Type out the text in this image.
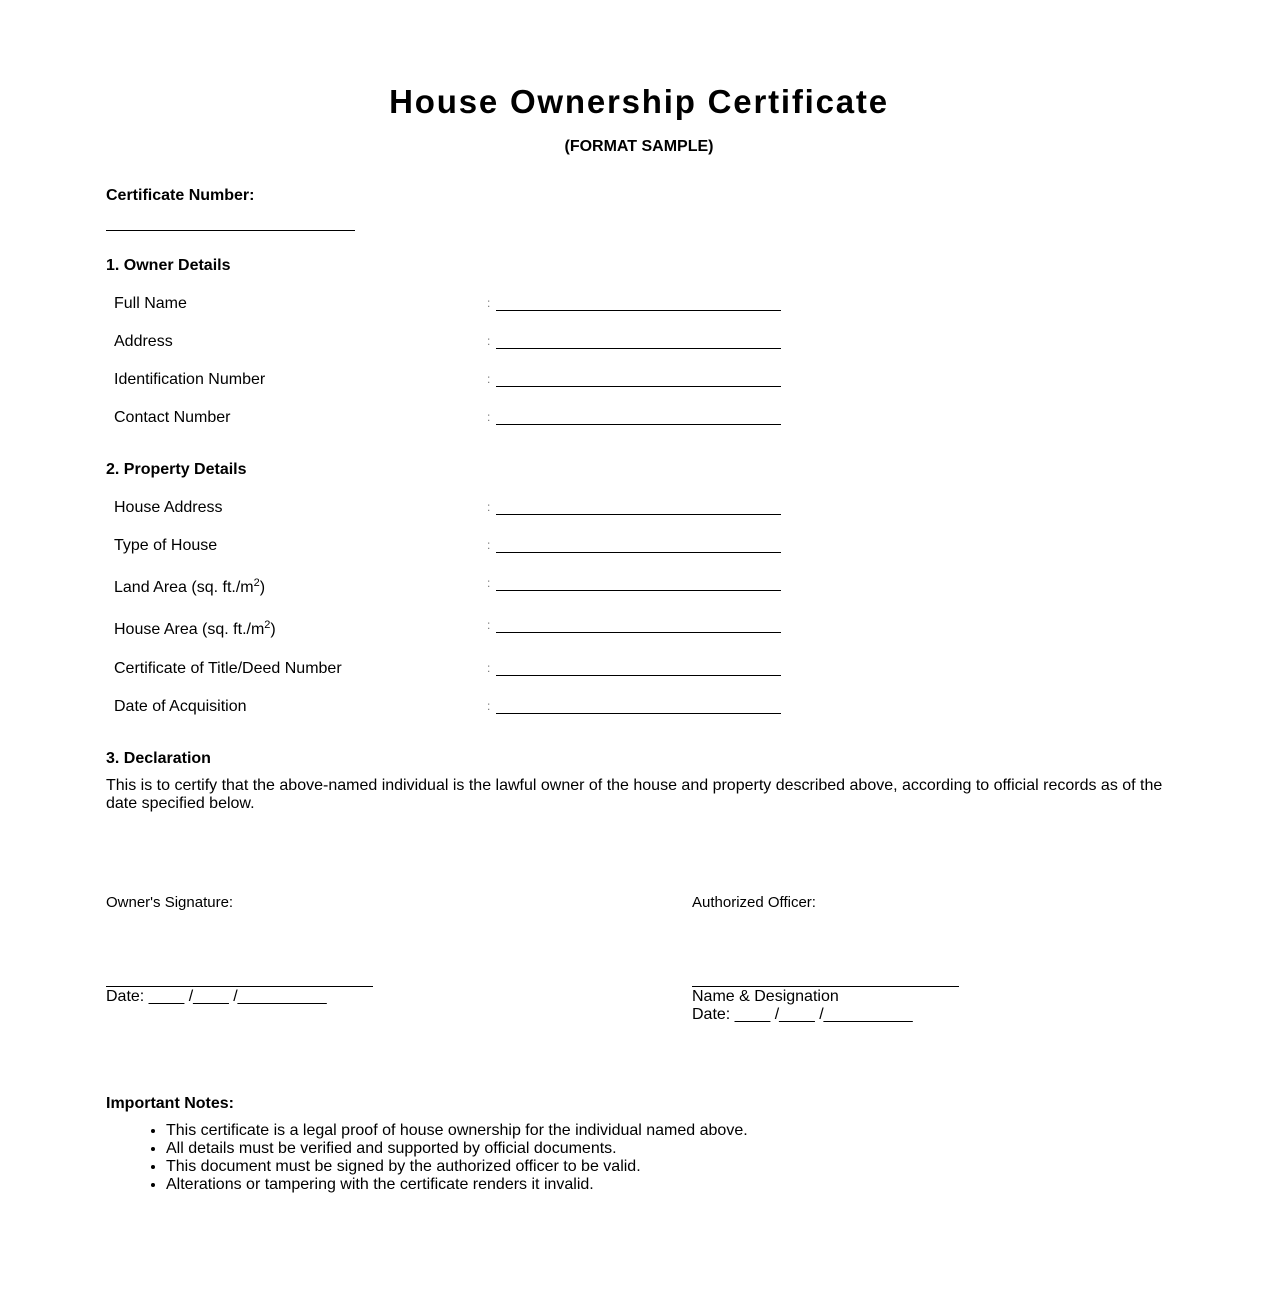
House Ownership Certificate
(FORMAT SAMPLE)
Certificate Number:
1. Owner Details
Full Name	:
Address	:
Identification Number	:
Contact Number	:
2. Property Details
House Address	:
Type of House	:
Land Area (sq. $ft./m^2$)	:
House Area (sq. $ft./m^2$)	:
Certificate of Title/Deed Number	:
Date of Acquisition	:
3. Declaration
This is to certify that the above-named individual is the lawful owner of the house and property described above, according to official records as of the date specified below.
Owner's Signature:
Date: ____ /____ /__________
Authorized Officer:
Name & Designation
Date: ____ /____ /__________
Important Notes:
• This certificate is a legal proof of house ownership for the individual named above.
• All details must be verified and supported by official documents.
• This document must be signed by the authorized officer to be valid.
• Alterations or tampering with the certificate renders it invalid.
